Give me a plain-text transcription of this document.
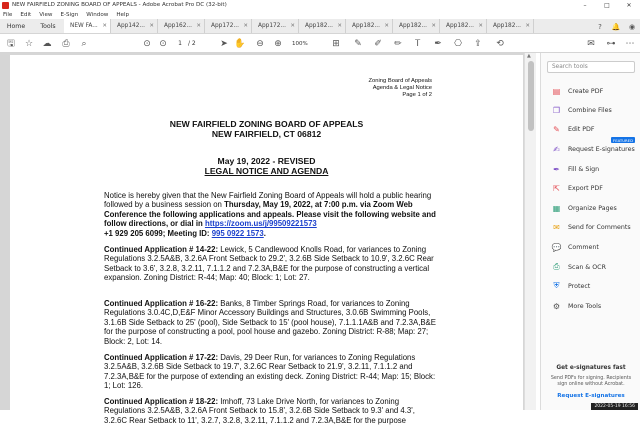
NEW FAIRFIELD ZONING BOARD OF APPEALS - Adobe Acrobat Pro DC (32-bit)	–	□	✕
File Edit View E-Sign Window Help
Home	Tools	NEW FA... ✕ App142... ✕ App162... ✕ App172... ✕ App172... ✕ App182... ✕ App182... ✕ App182... ✕ App182... ✕ App182... ✕	?	🔔	◉
🖫	☆	☁	⎙	⌕	⊙ ⊙	1	/ 2	➤ ✋ ⊖ ⊕	100%	⊞ ✎ ✐ ✏	Ꭲ	✒ ⎔ ⇪ ⟲	✉	⊶ ⋯
Zoning Board of Appeals
Agenda & Legal Notice
Page 1 of 2
NEW FAIRFIELD ZONING BOARD OF APPEALS
NEW FAIRFIELD, CT 06812
May 19, 2022 - REVISED
LEGAL NOTICE AND AGENDA
Notice is hereby given that the New Fairfield Zoning Board of Appeals will hold a public hearing followed by a business session on Thursday, May 19, 2022, at 7:00 p.m. via Zoom Web Conference the following applications and appeals. Please visit the following website and follow directions, or dial in https://zoom.us/j/99509221573
+1 929 205 6099; Meeting ID: 995 0922 1573.
Continued Application # 14-22: Lewick, 5 Candlewood Knolls Road, for variances to Zoning Regulations 3.2.5A&B, 3.2.6A Front Setback to 29.2', 3.2.6B Side Setback to 10.9', 3.2.6C Rear Setback to 3.6', 3.2.8, 3.2.11, 7.1.1.2 and 7.2.3A,B&E for the purpose of constructing a vertical expansion. Zoning District: R-44; Map: 40; Block: 1; Lot: 27.
Continued Application # 16-22: Banks, 8 Timber Springs Road, for variances to Zoning Regulations 3.0.4C,D,E&F Minor Accessory Buildings and Structures, 3.0.6B Swimming Pools, 3.1.6B Side Setback to 25' (pool), Side Setback to 15' (pool house), 7.1.1.1A&B and 7.2.3A,B&E for the purpose of constructing a pool, pool house and gazebo. Zoning District: R-88; Map: 27; Block: 2, Lot: 14.
Continued Application # 17-22: Davis, 29 Deer Run, for variances to Zoning Regulations 3.2.5A&B, 3.2.6B Side Setback to 19.7', 3.2.6C Rear Setback to 21.9', 3.2.11, 7.1.1.2 and 7.2.3A,B&E for the purpose of extending an existing deck. Zoning District: R-44; Map: 15; Block: 1; Lot: 126.
Continued Application # 18-22: Imhoff, 73 Lake Drive North, for variances to Zoning Regulations 3.2.5A&B, 3.2.6A Front Setback to 15.8', 3.2.6B Side Setback to 9.3' and 4.3', 3.2.6C Rear Setback to 11', 3.2.7, 3.2.8, 3.2.11, 7.1.1.2 and 7.2.3A,B&E for the purpose
▲
Search tools
▤ Create PDF
❐	Combine Files
✎	Edit PDF
✍	Request E-signatures
FEATURED
✒	Fill & Sign
⇱	Export PDF
▦ Organize Pages
✉	Send for Comments
💬 Comment
⎙	Scan & OCR
⛨	Protect
⚙	More Tools
Get e-signatures fast
Send PDFs for signing. Recipients sign online without Acrobat.
Request E-signatures
2022-05-19 16:56
